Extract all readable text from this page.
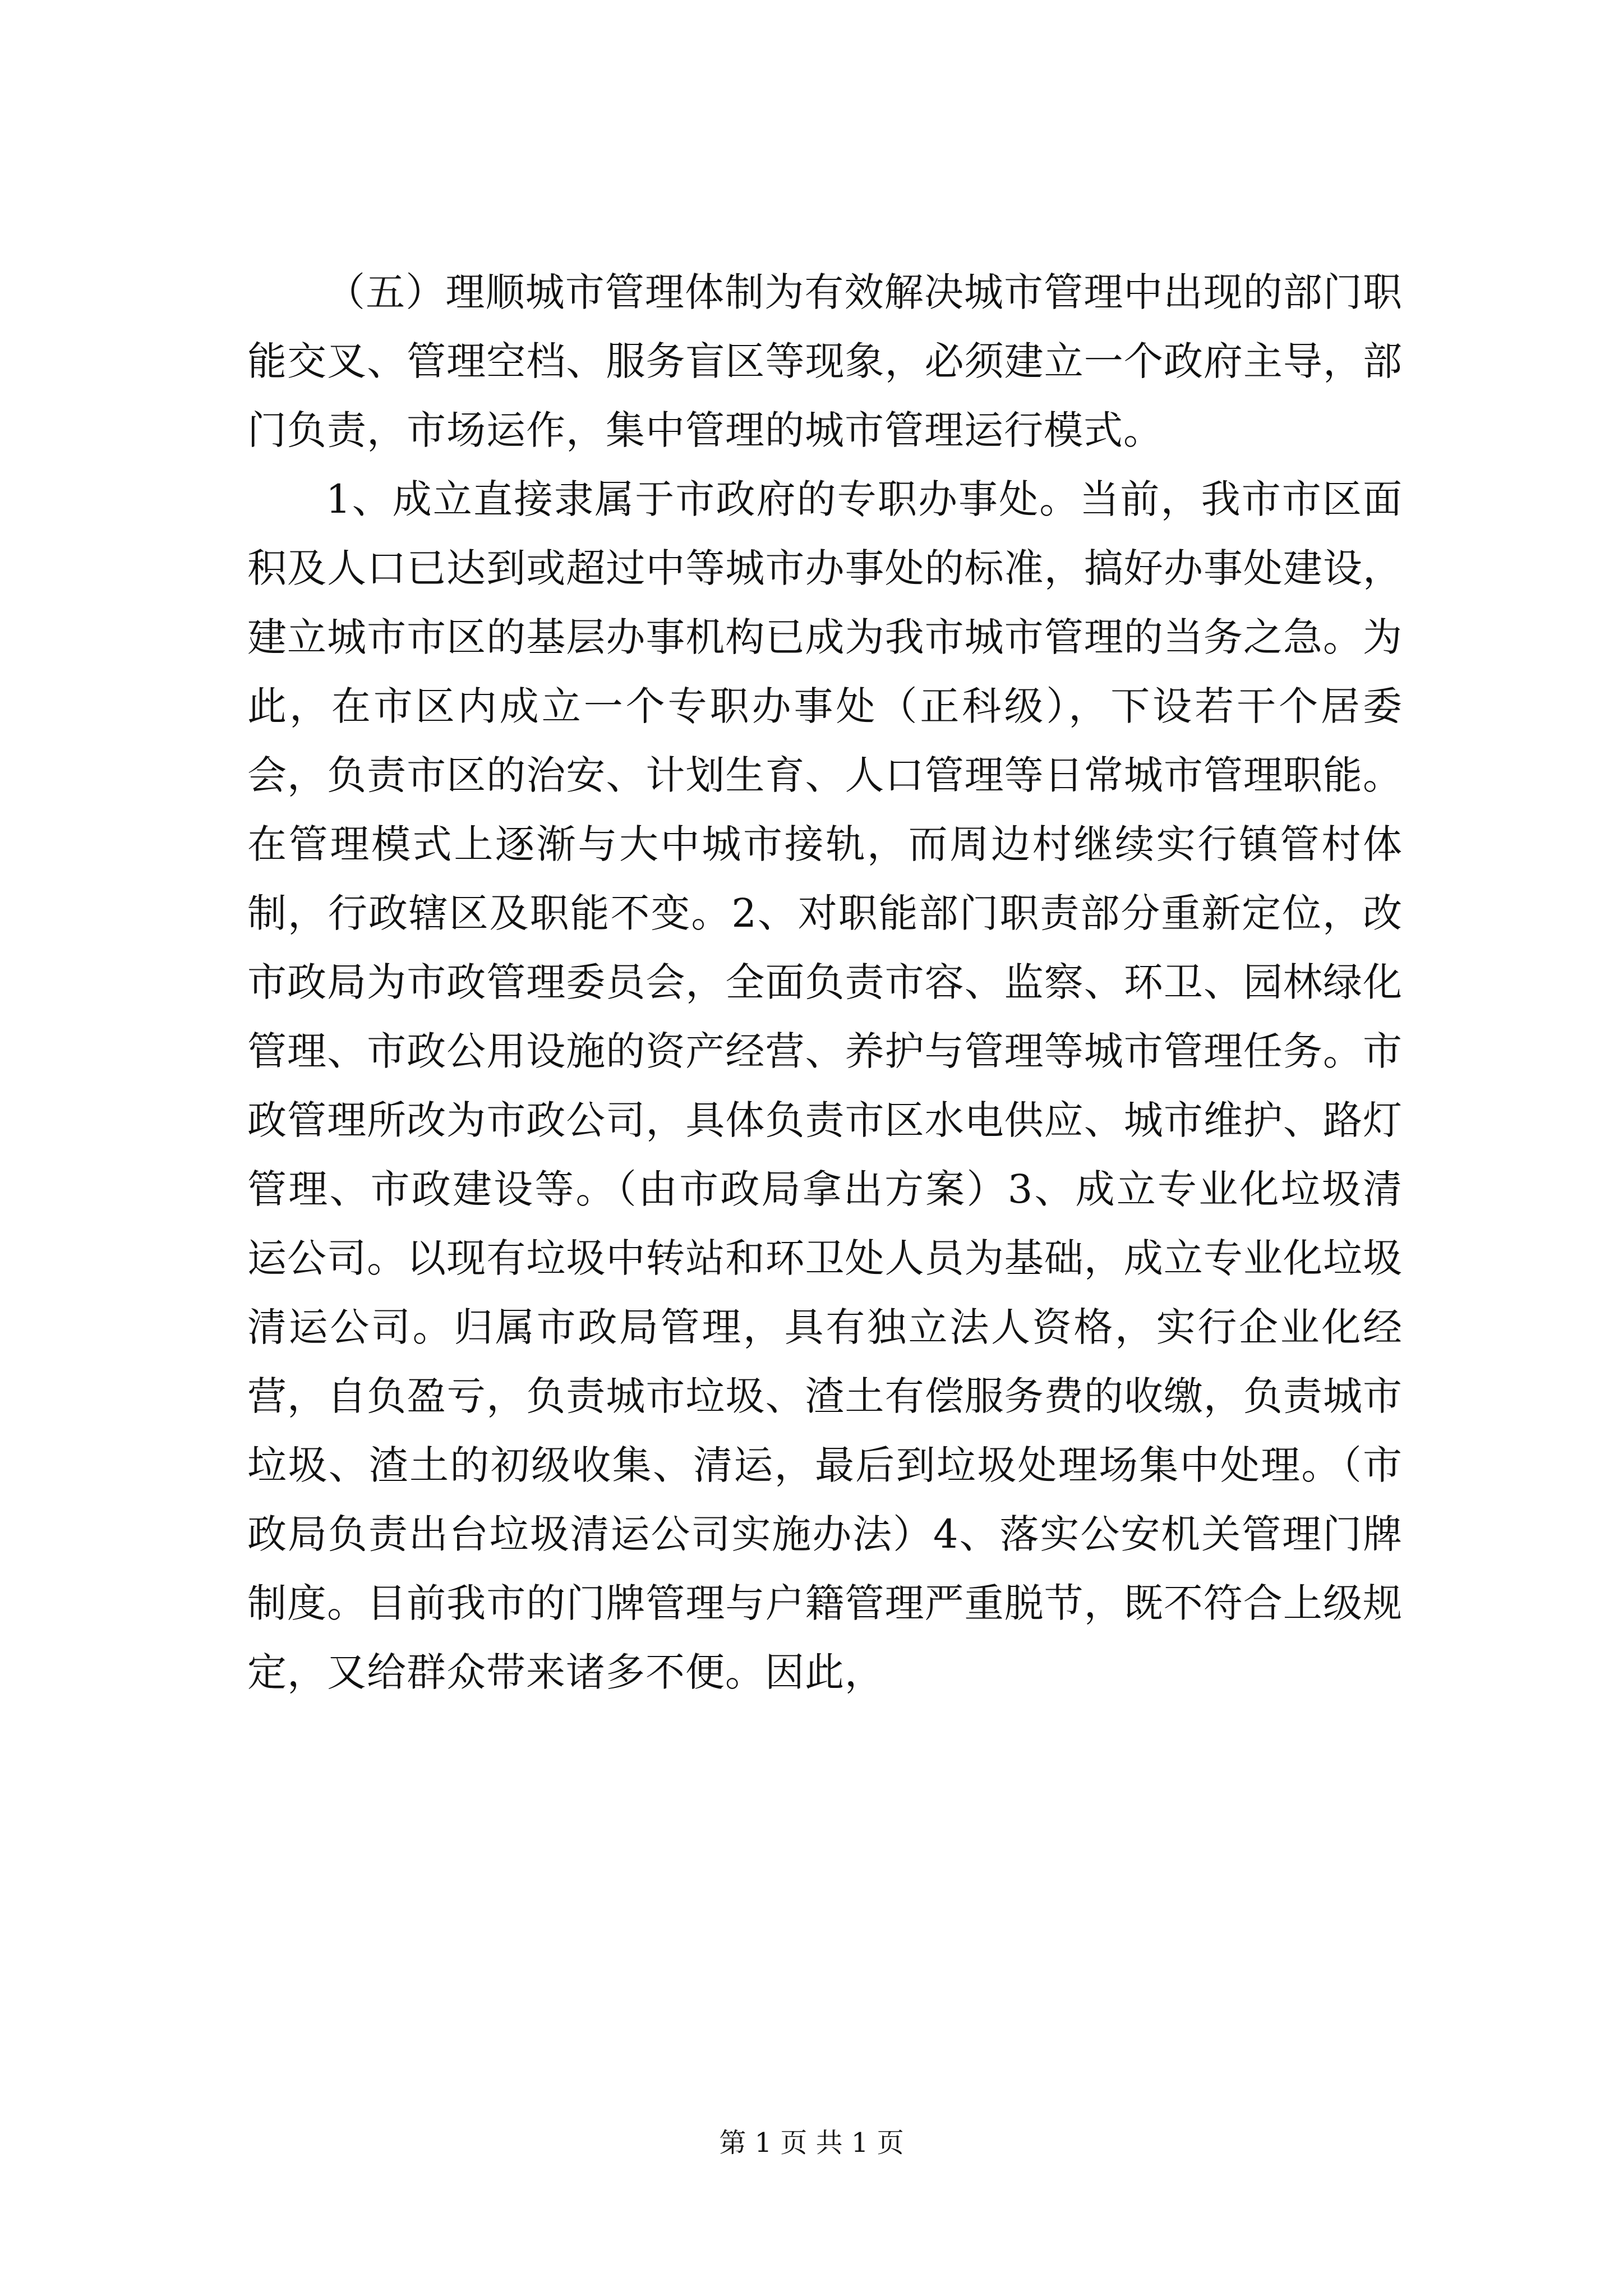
（五）理顺城市管理体制为有效解决城市管理中出现的部门职能交叉、管理空档、服务盲区等现象，必须建立一个政府主导，部门负责，市场运作，集中管理的城市管理运行模式。

1、成立直接隶属于市政府的专职办事处。当前，我市市区面积及人口已达到或超过中等城市办事处的标准，搞好办事处建设，建立城市市区的基层办事机构已成为我市城市管理的当务之急。为此，在市区内成立一个专职办事处（正科级），下设若干个居委会，负责市区的治安、计划生育、人口管理等日常城市管理职能。在管理模式上逐渐与大中城市接轨，而周边村继续实行镇管村体制，行政辖区及职能不变。2、对职能部门职责部分重新定位，改市政局为市政管理委员会，全面负责市容、监察、环卫、园林绿化管理、市政公用设施的资产经营、养护与管理等城市管理任务。市政管理所改为市政公司，具体负责市区水电供应、城市维护、路灯管理、市政建设等。（由市政局拿出方案）3、成立专业化垃圾清运公司。以现有垃圾中转站和环卫处人员为基础，成立专业化垃圾清运公司。归属市政局管理，具有独立法人资格，实行企业化经营，自负盈亏，负责城市垃圾、渣土有偿服务费的收缴，负责城市垃圾、渣土的初级收集、清运，最后到垃圾处理场集中处理。（市政局负责出台垃圾清运公司实施办法）4、落实公安机关管理门牌制度。目前我市的门牌管理与户籍管理严重脱节，既不符合上级规定，又给群众带来诸多不便。因此，

第 1 页 共 1 页
